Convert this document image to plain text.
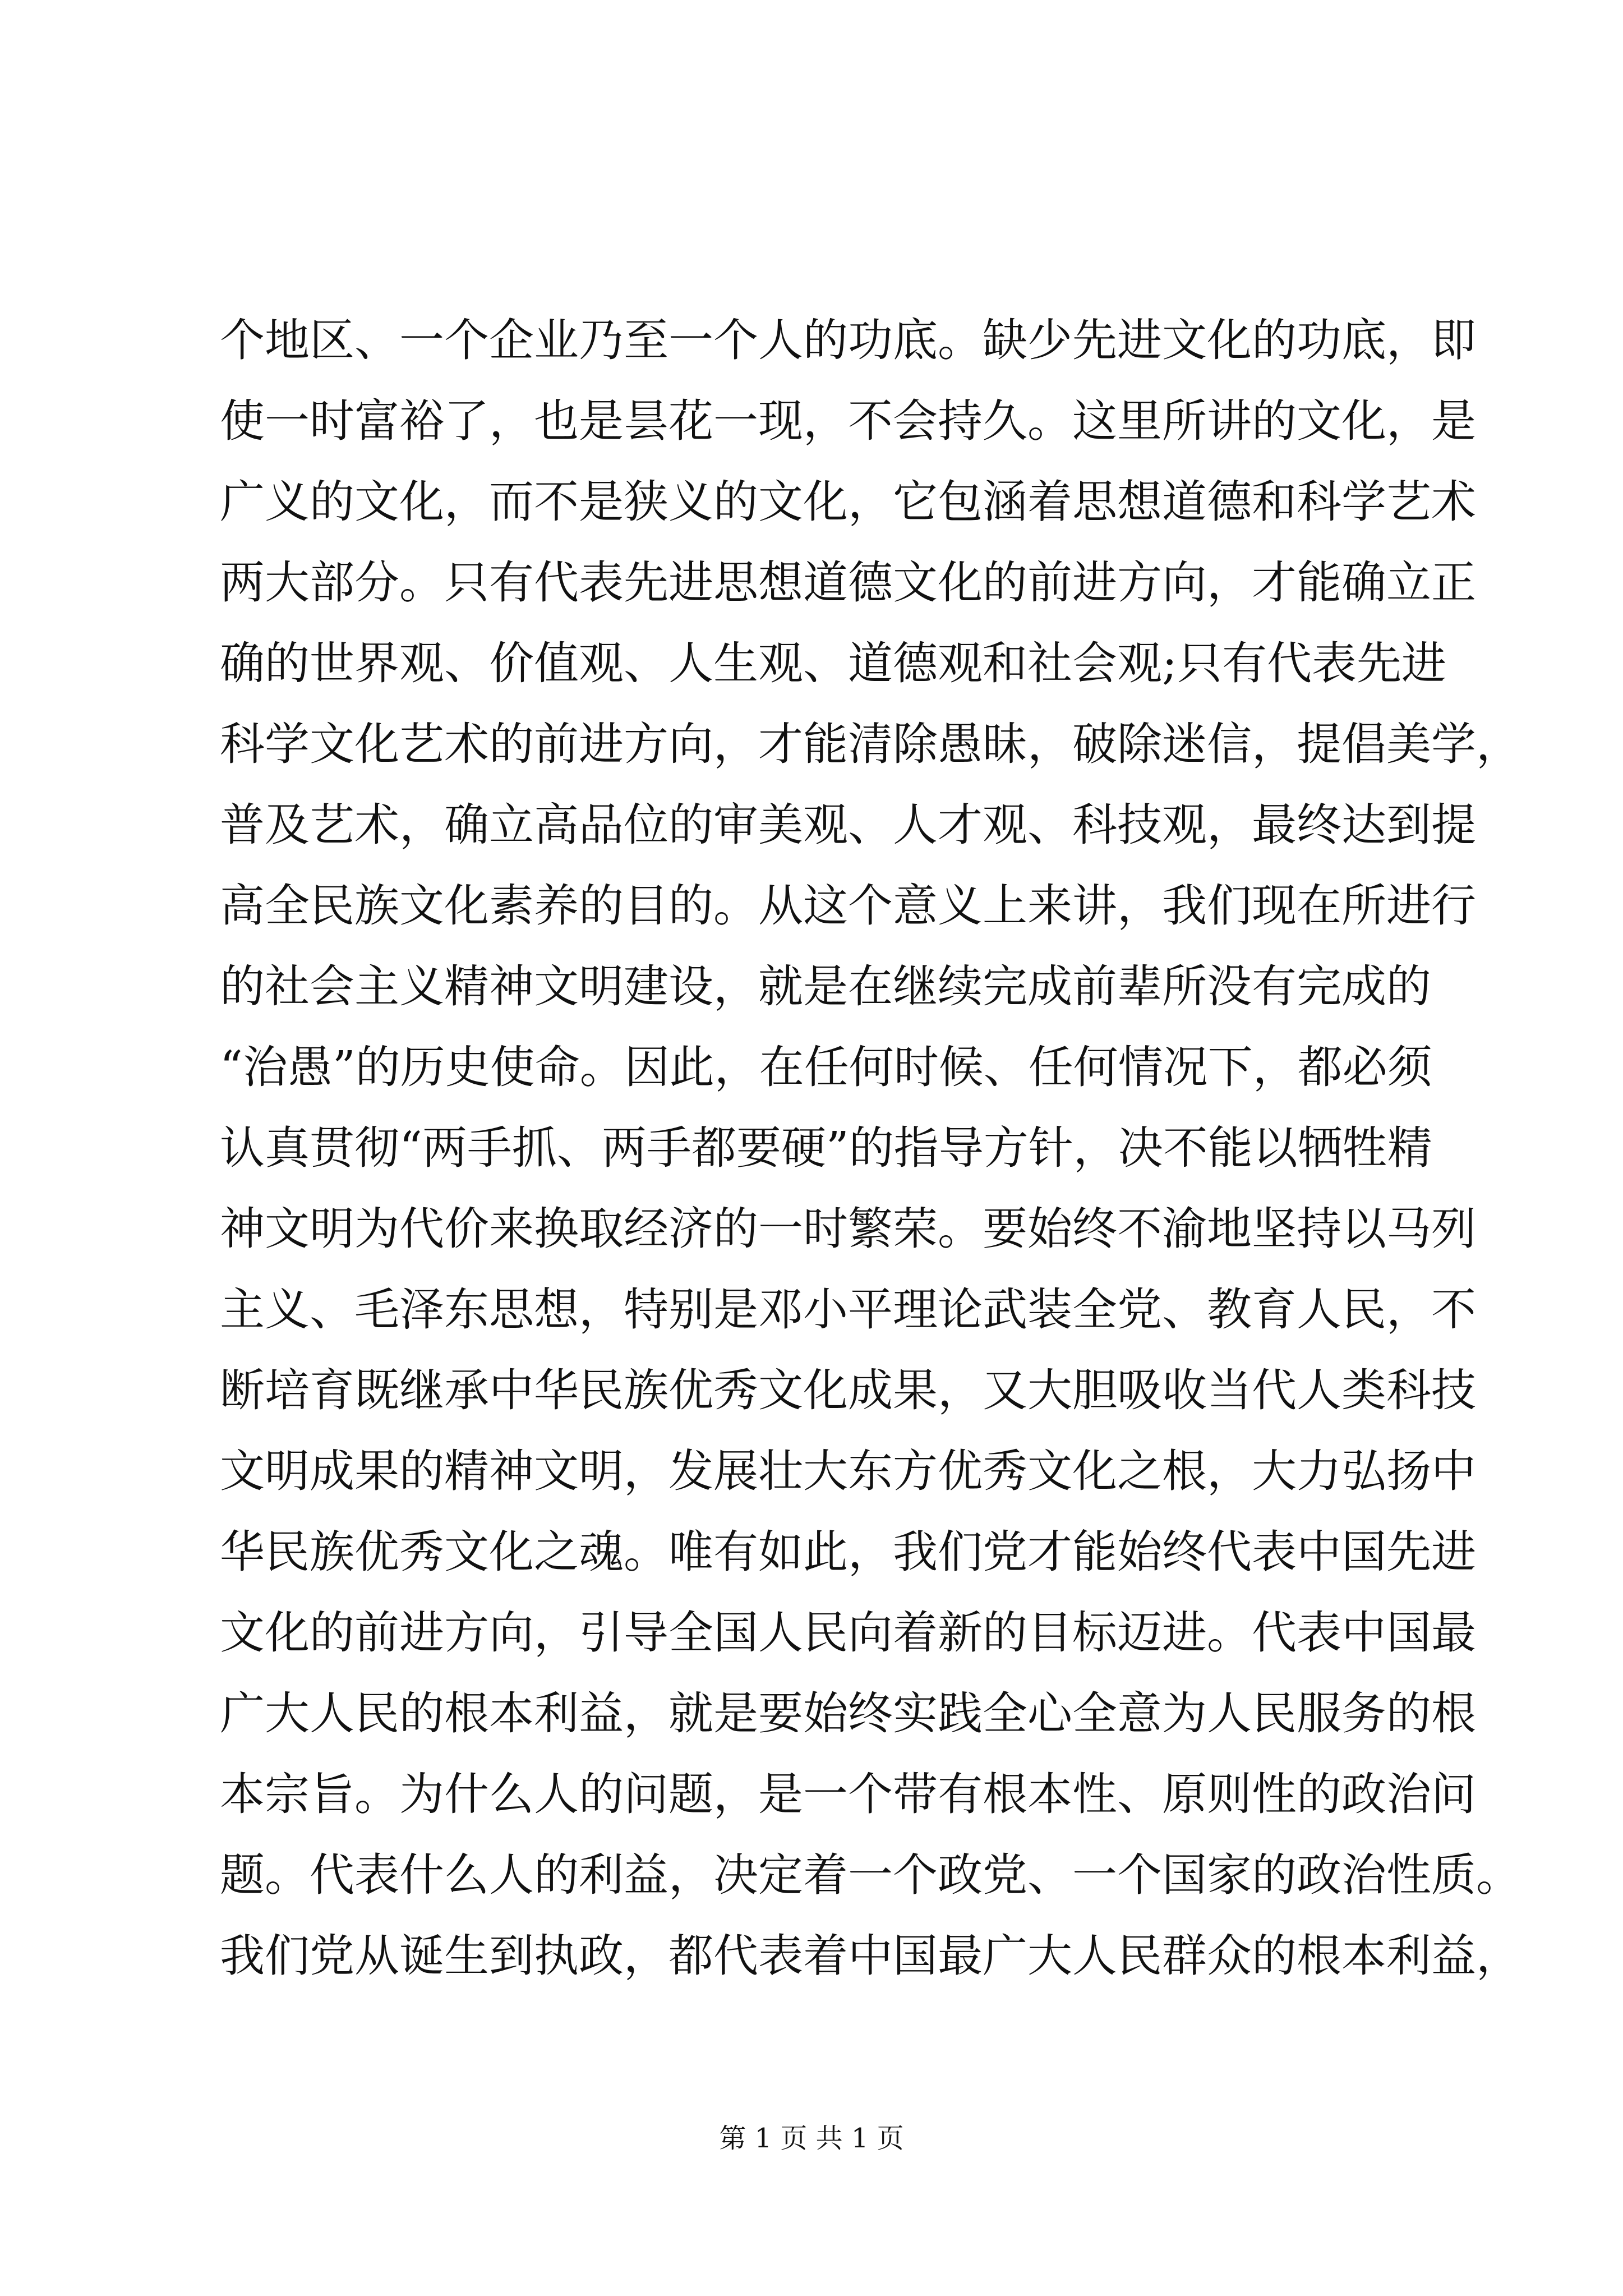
个地区、一个企业乃至一个人的功底。缺少先进文化的功底，即
使一时富裕了，也是昙花一现，不会持久。这里所讲的文化，是
广义的文化，而不是狭义的文化，它包涵着思想道德和科学艺术
两大部分。只有代表先进思想道德文化的前进方向，才能确立正
确的世界观、价值观、人生观、道德观和社会观;只有代表先进
科学文化艺术的前进方向，才能清除愚昧，破除迷信，提倡美学，
普及艺术，确立高品位的审美观、人才观、科技观，最终达到提
高全民族文化素养的目的。从这个意义上来讲，我们现在所进行
的社会主义精神文明建设，就是在继续完成前辈所没有完成的
“治愚”的历史使命。因此，在任何时候、任何情况下，都必须
认真贯彻“两手抓、两手都要硬”的指导方针，决不能以牺牲精
神文明为代价来换取经济的一时繁荣。要始终不渝地坚持以马列
主义、毛泽东思想，特别是邓小平理论武装全党、教育人民，不
断培育既继承中华民族优秀文化成果，又大胆吸收当代人类科技
文明成果的精神文明，发展壮大东方优秀文化之根，大力弘扬中
华民族优秀文化之魂。唯有如此，我们党才能始终代表中国先进
文化的前进方向，引导全国人民向着新的目标迈进。代表中国最
广大人民的根本利益，就是要始终实践全心全意为人民服务的根
本宗旨。为什么人的问题，是一个带有根本性、原则性的政治问
题。代表什么人的利益，决定着一个政党、一个国家的政治性质。
我们党从诞生到执政，都代表着中国最广大人民群众的根本利益，
第 1 页 共 1 页
